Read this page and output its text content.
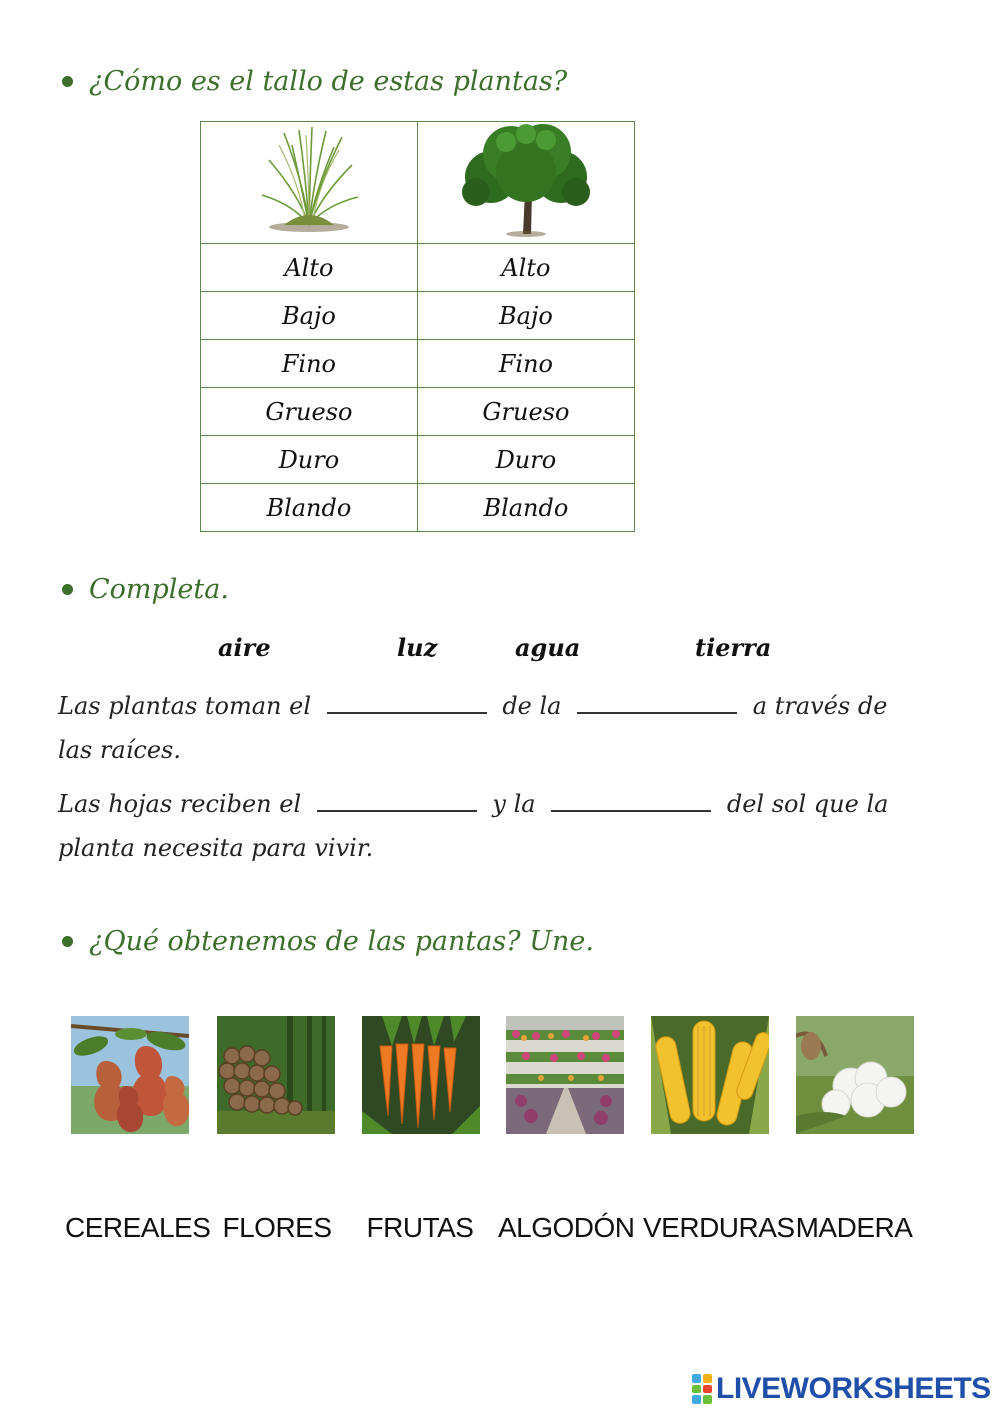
¿Cómo es el tallo de estas plantas?

Alto	Alto
Bajo	Bajo
Fino	Fino
Grueso	Grueso
Duro	Duro
Blando	Blando
Completa.
aire	luz	agua	tierra
Las plantas toman el	de la	a través de
las raíces.
Las hojas reciben el	y la	del sol que la
planta necesita para vivir.
¿Qué obtenemos de las pantas? Une.
CEREALES FLORES	FRUTAS ALGODÓN VERDURAS MADERA
LIVEWORKSHEETS
